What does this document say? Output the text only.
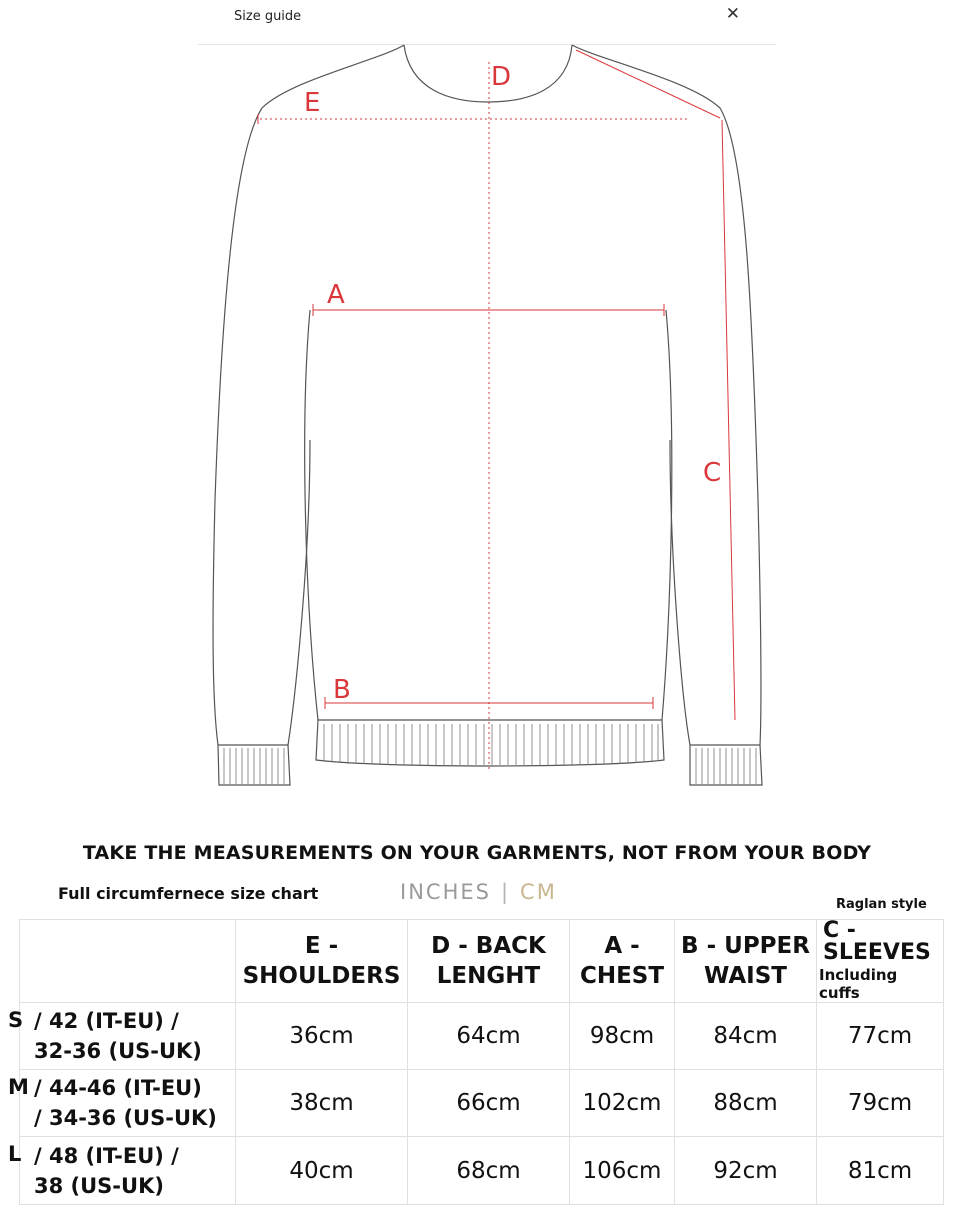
Size guide	✕
E
D
A
C
B
TAKE THE MEASUREMENTS ON YOUR GARMENTS, NOT FROM YOUR BODY
Full circumfernece size chart	INCHES | CM
Raglan style
	E - SHOULDERS	D - BACK LENGHT	A - CHEST	B - UPPER WAIST	C - SLEEVES
Including cuffs

S / 42 (IT-EU) /
32-36 (US-UK)	36cm	64cm	98cm	84cm	77cm

M / 44-46 (IT-EU)
/ 34-36 (US-UK)	38cm	66cm	102cm	88cm	79cm

L / 48 (IT-EU) /
38 (US-UK)	40cm	68cm	106cm	92cm	81cm
